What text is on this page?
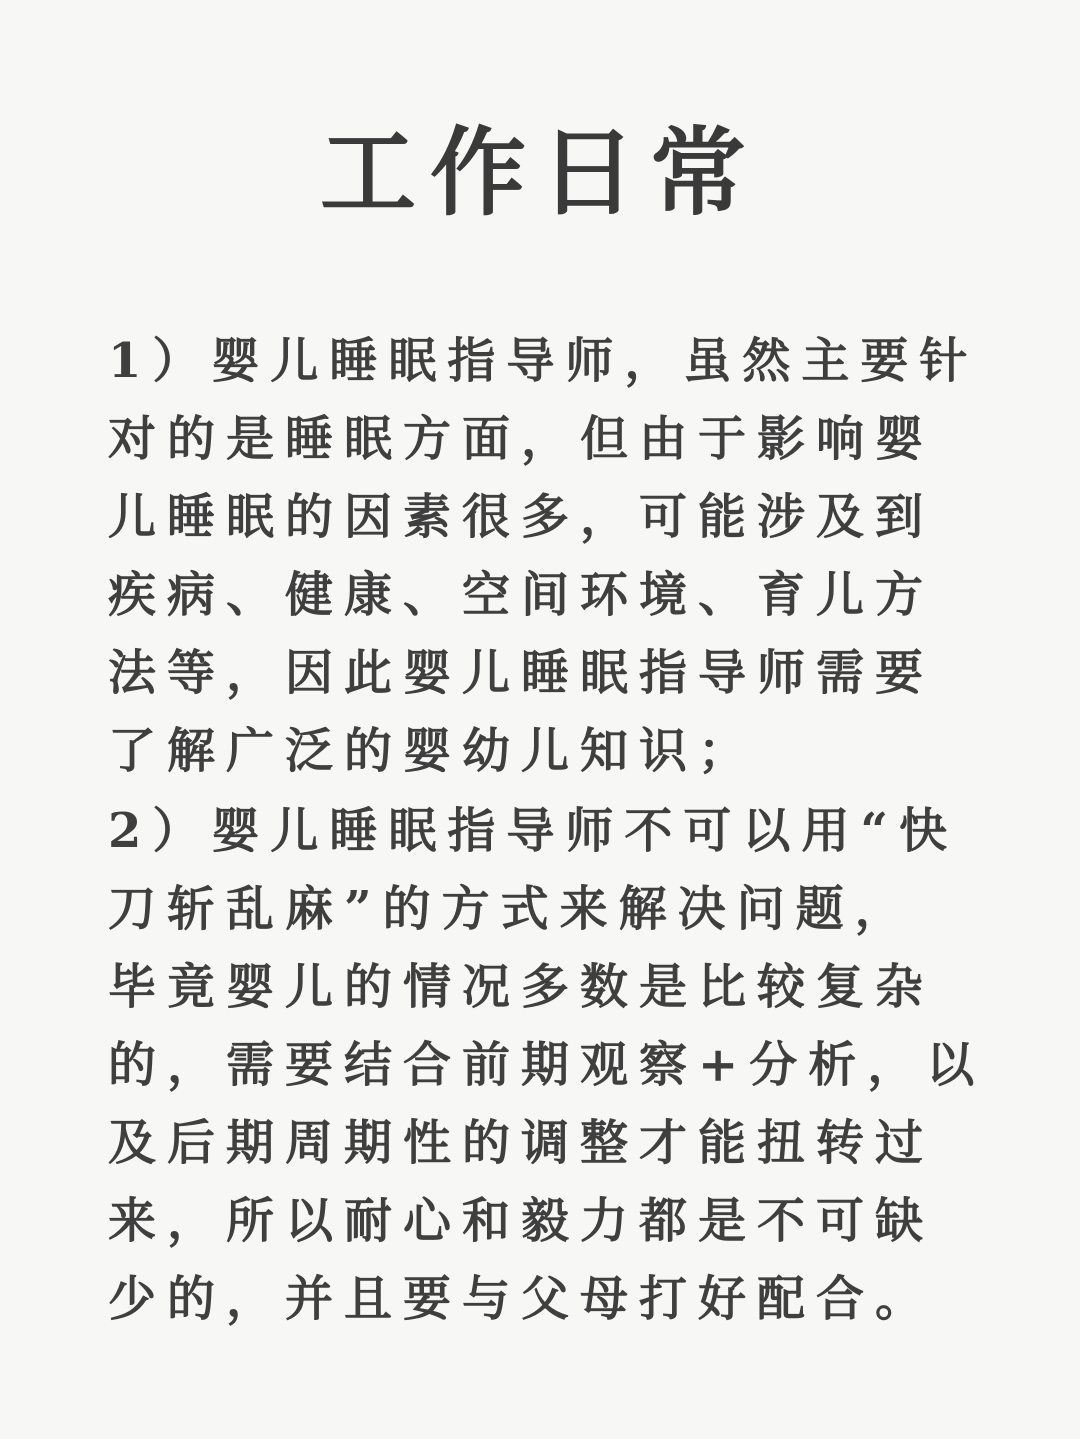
工作日常
1）婴儿睡眠指导师，虽然主要针
对的是睡眠方面，但由于影响婴
儿睡眠的因素很多，可能涉及到
疾病、健康、空间环境、育儿方
法等，因此婴儿睡眠指导师需要
了解广泛的婴幼儿知识；
2）婴儿睡眠指导师不可以用“快
刀斩乱麻”的方式来解决问题，
毕竟婴儿的情况多数是比较复杂
的，需要结合前期观察+分析，以
及后期周期性的调整才能扭转过
来，所以耐心和毅力都是不可缺
少的，并且要与父母打好配合。
